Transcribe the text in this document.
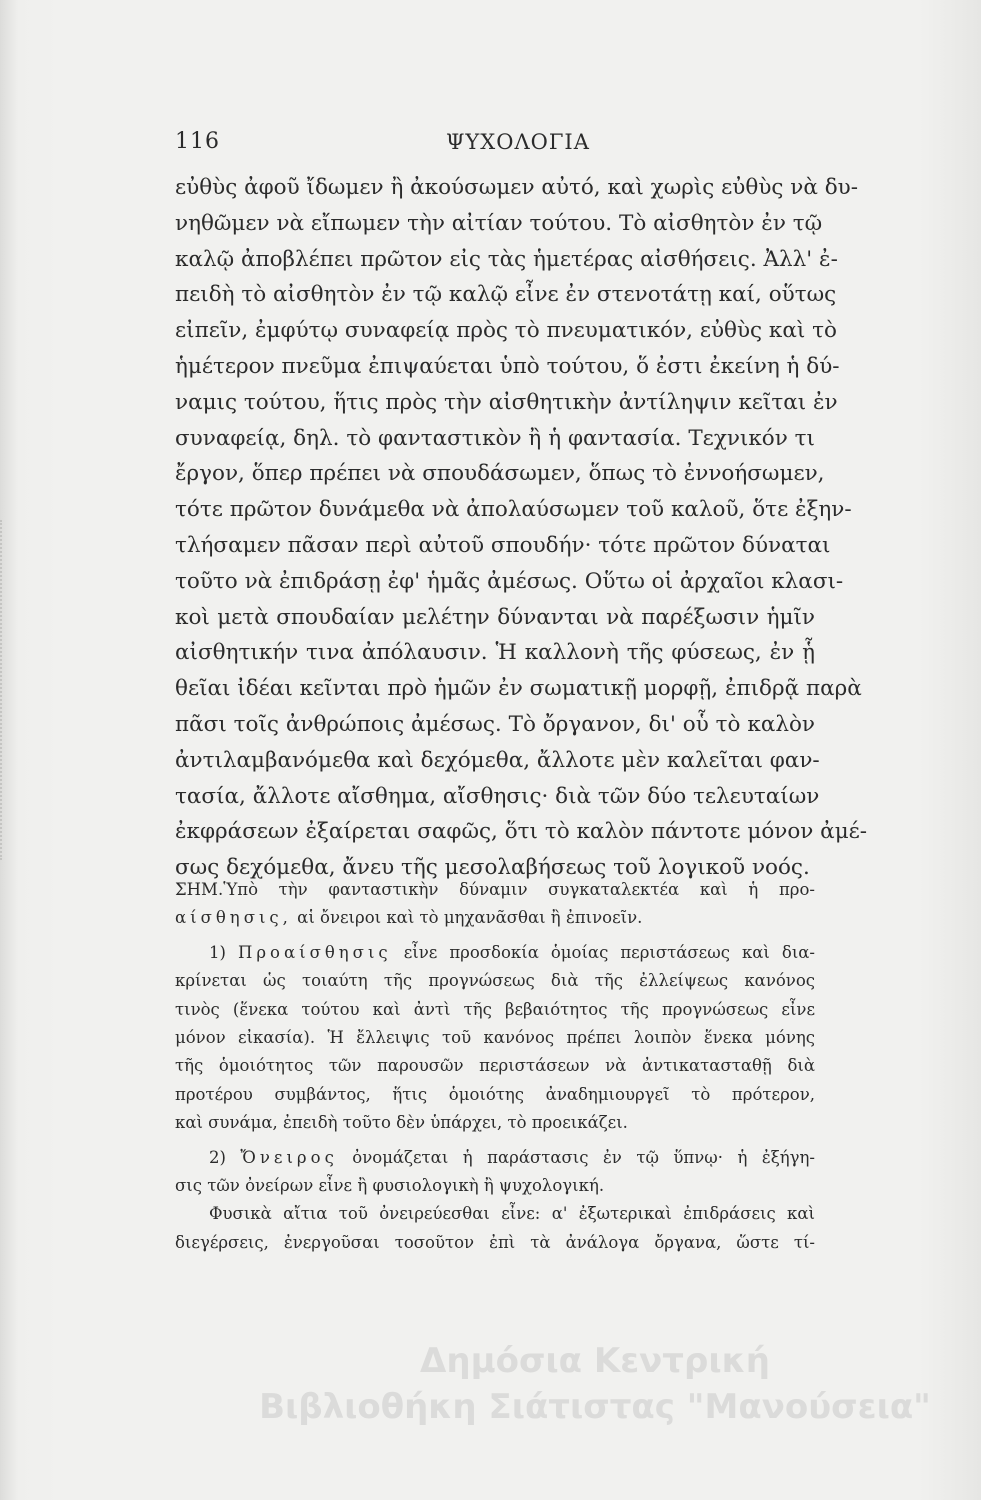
116	ΨΥΧΟΛΟΓΙΑ
εὐθὺς ἀφοῦ ἴδωμεν ἢ ἀκούσωμεν αὐτό, καὶ χωρὶς εὐθὺς νὰ δυ-
νηθῶμεν νὰ εἴπωμεν τὴν αἰτίαν τούτου. Τὸ αἰσθητὸν ἐν τῷ
καλῷ ἀποβλέπει πρῶτον εἰς τὰς ἡμετέρας αἰσθήσεις. Ἀλλ' ἐ-
πειδὴ τὸ αἰσθητὸν ἐν τῷ καλῷ εἶνε ἐν στενοτάτῃ καί, οὕτως
εἰπεῖν, ἐμφύτῳ συναφείᾳ πρὸς τὸ πνευματικόν, εὐθὺς καὶ τὸ
ἡμέτερον πνεῦμα ἐπιψαύεται ὑπὸ τούτου, ὅ ἐστι ἐκείνη ἡ δύ-
ναμις τούτου, ἥτις πρὸς τὴν αἰσθητικὴν ἀντίληψιν κεῖται ἐν
συναφείᾳ, δηλ. τὸ φανταστικὸν ἢ ἡ φαντασία. Τεχνικόν τι
ἔργον, ὅπερ πρέπει νὰ σπουδάσωμεν, ὅπως τὸ ἐννοήσωμεν,
τότε πρῶτον δυνάμεθα νὰ ἀπολαύσωμεν τοῦ καλοῦ, ὅτε ἐξην-
τλήσαμεν πᾶσαν περὶ αὐτοῦ σπουδήν· τότε πρῶτον δύναται
τοῦτο νὰ ἐπιδράσῃ ἐφ' ἡμᾶς ἀμέσως. Οὕτω οἱ ἀρχαῖοι κλασι-
κοὶ μετὰ σπουδαίαν μελέτην δύνανται νὰ παρέξωσιν ἡμῖν
αἰσθητικήν τινα ἀπόλαυσιν. Ἡ καλλονὴ τῆς φύσεως, ἐν ᾗ
θεῖαι ἰδέαι κεῖνται πρὸ ἡμῶν ἐν σωματικῇ μορφῇ, ἐπιδρᾷ παρὰ
πᾶσι τοῖς ἀνθρώποις ἀμέσως. Τὸ ὄργανον, δι' οὗ τὸ καλὸν
ἀντιλαμβανόμεθα καὶ δεχόμεθα, ἄλλοτε μὲν καλεῖται φαν-
τασία, ἄλλοτε αἴσθημα, αἴσθησις· διὰ τῶν δύο τελευταίων
ἐκφράσεων ἐξαίρεται σαφῶς, ὅτι τὸ καλὸν πάντοτε μόνον ἀμέ-
σως δεχόμεθα, ἄνευ τῆς μεσολαβήσεως τοῦ λογικοῦ νοός.
ΣΗΜ.Ὑπὸ τὴν φανταστικὴν δύναμιν συγκαταλεκτέα καὶ ἡ προ-
αίσθησις, αἱ ὄνειροι καὶ τὸ μηχανᾶσθαι ἢ ἐπινοεῖν.
1) Προαίσθησις εἶνε προσδοκία ὁμοίας περιστάσεως καὶ δια-
κρίνεται ὡς τοιαύτη τῆς προγνώσεως διὰ τῆς ἐλλείψεως κανόνος
τινὸς (ἕνεκα τούτου καὶ ἀντὶ τῆς βεβαιότητος τῆς προγνώσεως εἶνε
μόνον εἰκασία). Ἡ ἔλλειψις τοῦ κανόνος πρέπει λοιπὸν ἕνεκα μόνης
τῆς ὁμοιότητος τῶν παρουσῶν περιστάσεων νὰ ἀντικατασταθῇ διὰ
προτέρου συμβάντος, ἥτις ὁμοιότης ἀναδημιουργεῖ τὸ πρότερον,
καὶ συνάμα, ἐπειδὴ τοῦτο δὲν ὑπάρχει, τὸ προεικάζει.
2) Ὄνειρος ὀνομάζεται ἡ παράστασις ἐν τῷ ὕπνῳ· ἡ ἐξήγη-
σις τῶν ὀνείρων εἶνε ἢ φυσιολογικὴ ἢ ψυχολογική.
Φυσικὰ αἴτια τοῦ ὀνειρεύεσθαι εἶνε: α' ἐξωτερικαὶ ἐπιδράσεις καὶ
διεγέρσεις, ἐνεργοῦσαι τοσοῦτον ἐπὶ τὰ ἀνάλογα ὄργανα, ὥστε τί-
Δημόσια Κεντρική
Βιβλιοθήκη Σιάτιστας "Μανούσεια"
